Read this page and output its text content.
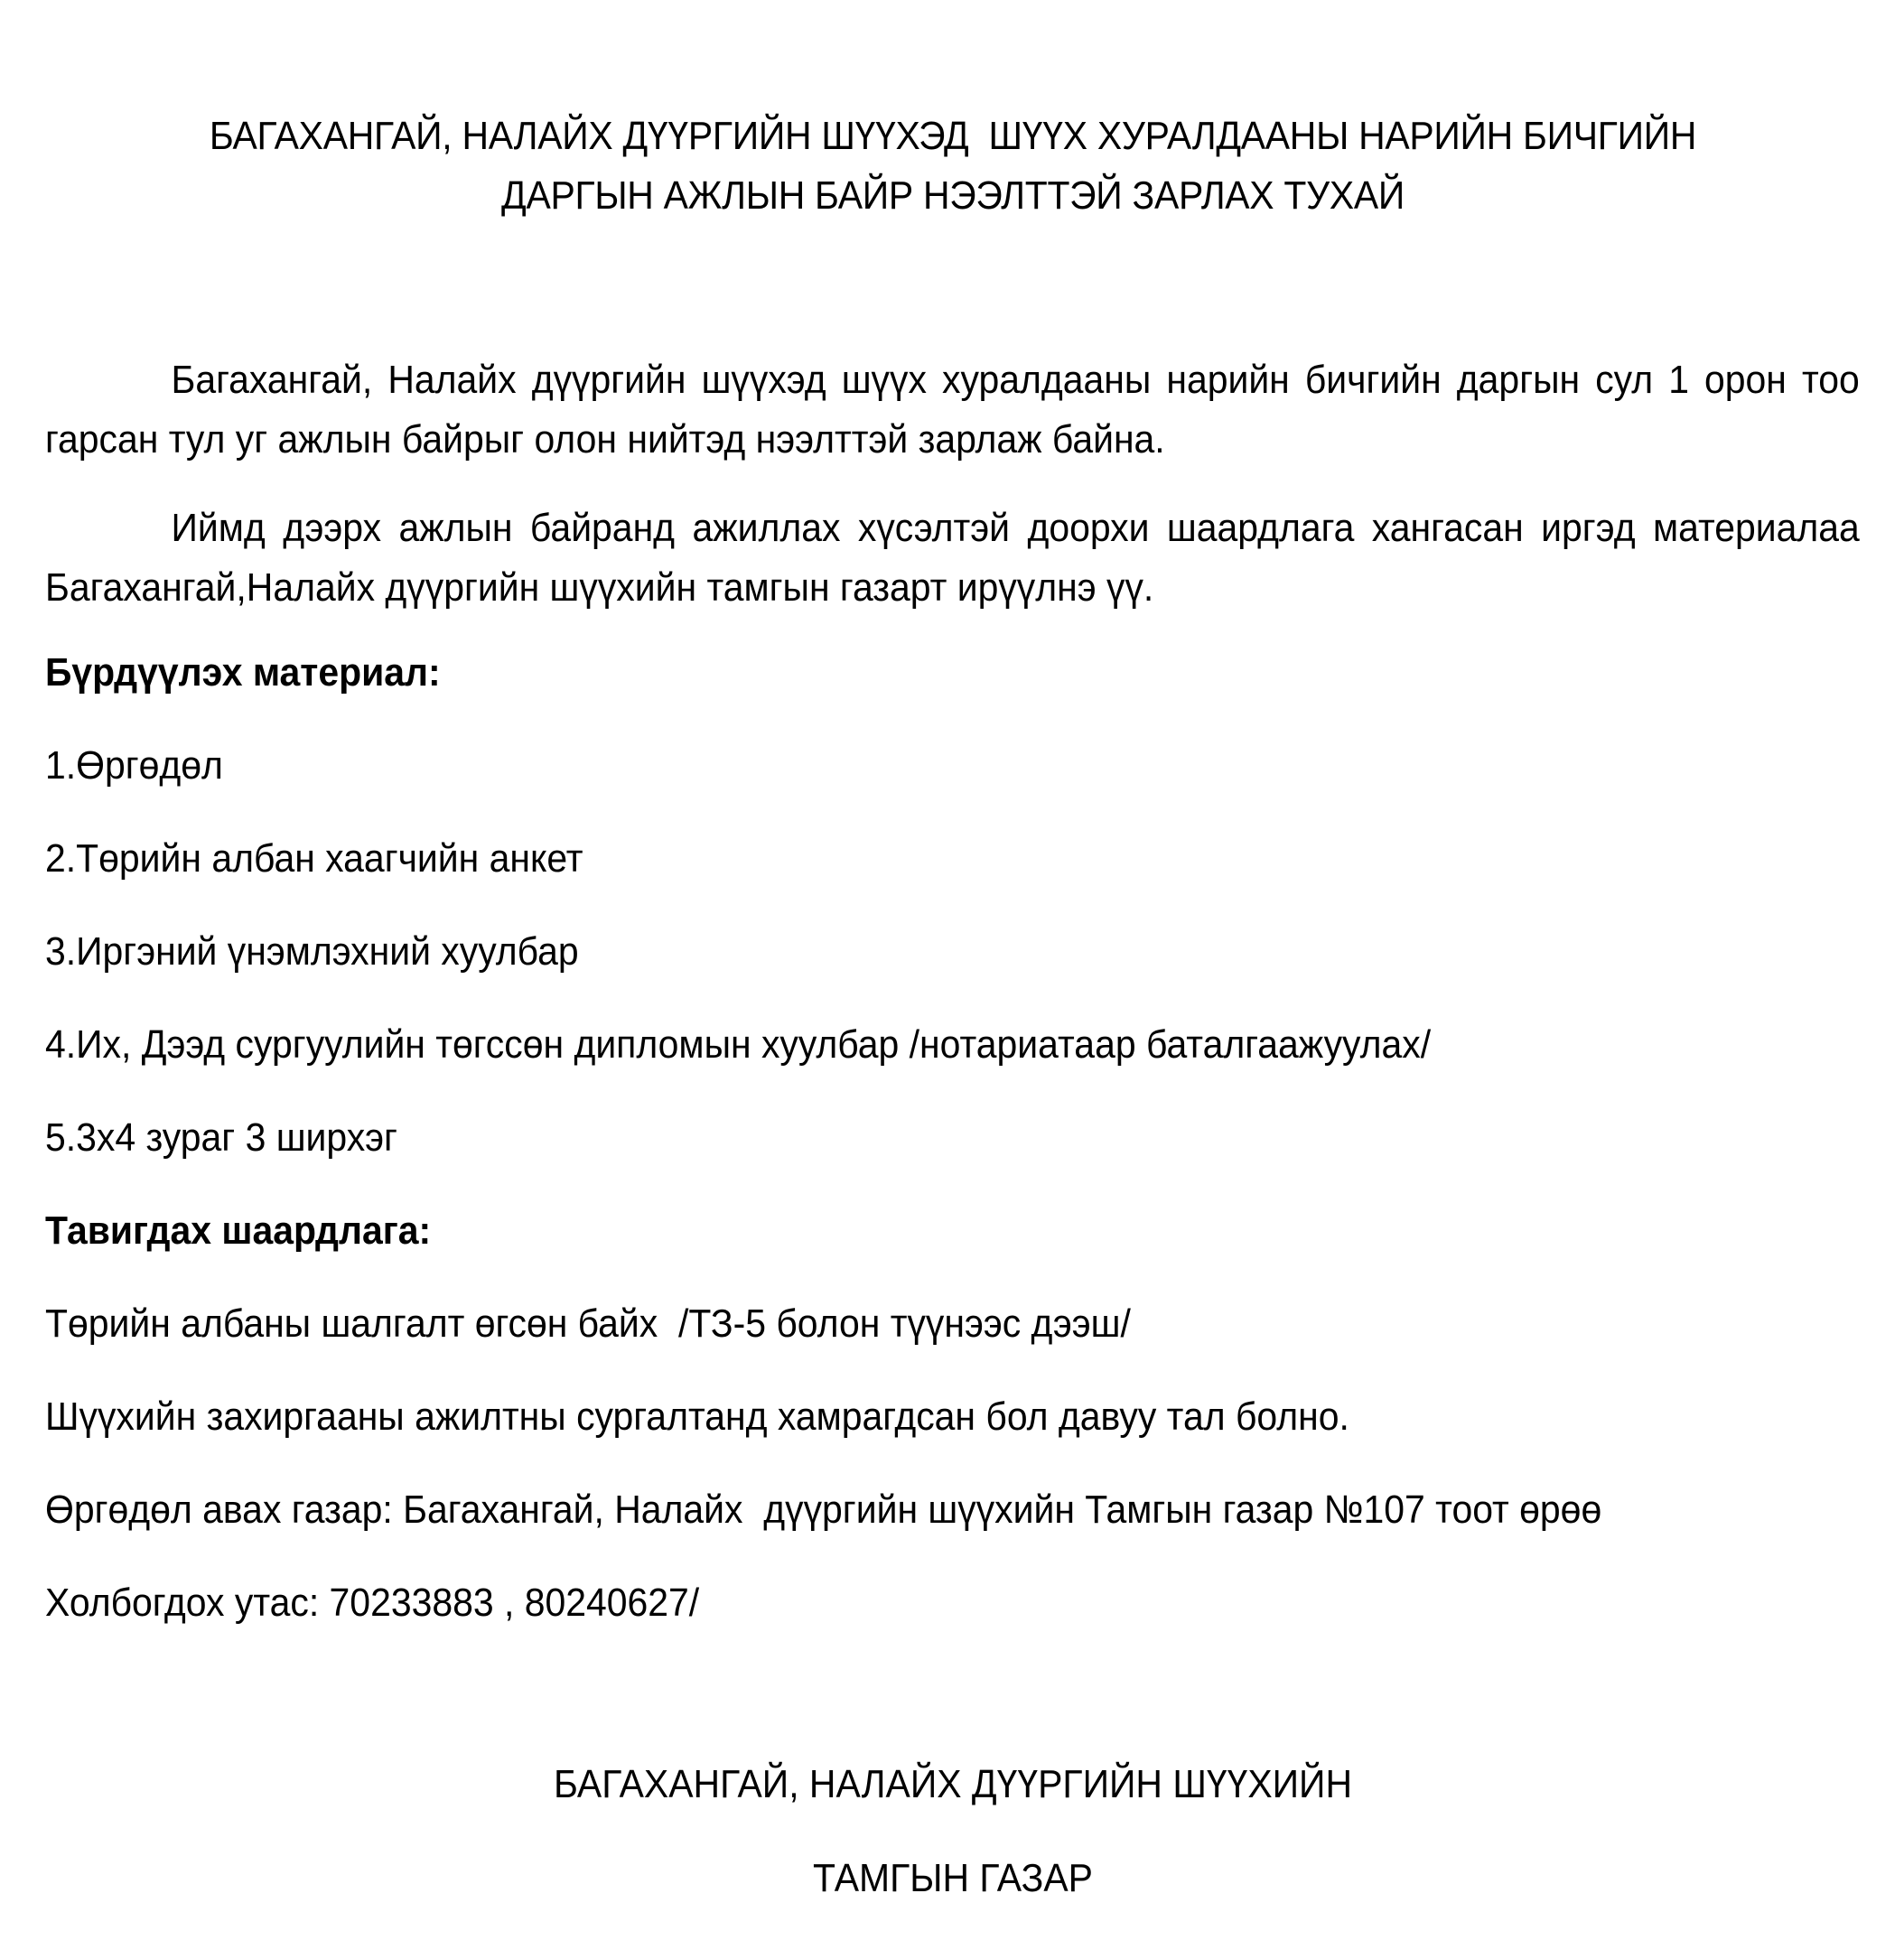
БАГАХАНГАЙ, НАЛАЙХ ДҮҮРГИЙН ШҮҮХЭД  ШҮҮХ ХУРАЛДААНЫ НАРИЙН БИЧГИЙН
ДАРГЫН АЖЛЫН БАЙР НЭЭЛТТЭЙ ЗАРЛАХ ТУХАЙ
Багахангай, Налайх дүүргийн шүүхэд шүүх хуралдааны нарийн бичгийн даргын сул 1 орон тоо гарсан тул уг ажлын байрыг олон нийтэд нээлттэй зарлаж байна.
Иймд дээрх ажлын байранд ажиллах хүсэлтэй доорхи шаардлага хангасан иргэд материалаа Багахангай,Налайх дүүргийн шүүхийн тамгын газарт ирүүлнэ үү.
Бүрдүүлэх материал:
1.Өргөдөл
2.Төрийн албан хаагчийн анкет
3.Иргэний үнэмлэхний хуулбар
4.Их, Дээд сургуулийн төгссөн дипломын хуулбар /нотариатаар баталгаажуулах/
5.3х4 зураг 3 ширхэг
Тавигдах шаардлага:
Төрийн албаны шалгалт өгсөн байх  /ТЗ-5 болон түүнээс дээш/
Шүүхийн захиргааны ажилтны сургалтанд хамрагдсан бол давуу тал болно.
Өргөдөл авах газар: Багахангай, Налайх  дүүргийн шүүхийн Тамгын газар №107 тоот өрөө
Холбогдох утас: 70233883 , 80240627/
БАГАХАНГАЙ, НАЛАЙХ ДҮҮРГИЙН ШҮҮХИЙН
ТАМГЫН ГАЗАР
